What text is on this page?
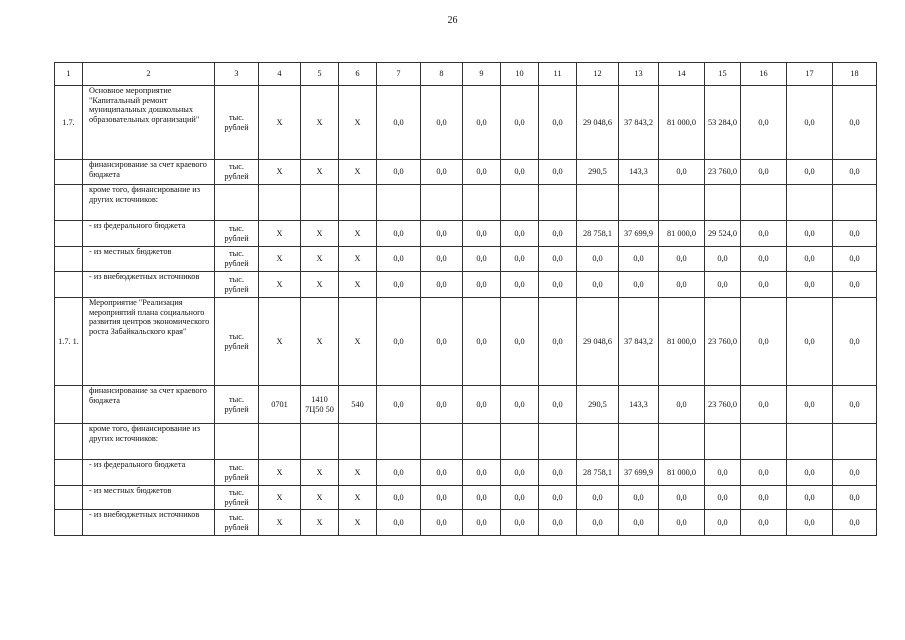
26
1	2	3	4	5	6	7	8	9	10	11	12	13	14	15	16	17	18
1.7.	Основное мероприятие "Капитальный ремонт муниципальных дошкольных образовательных организаций"	тыс. рублей	X	X	X	0,0	0,0	0,0	0,0	0,0	29 048,6	37 843,2	81 000,0	53 284,0	0,0	0,0	0,0
	финансирование за счет краевого бюджета	тыс. рублей	X	X	X	0,0	0,0	0,0	0,0	0,0	290,5	143,3	0,0	23 760,0	0,0	0,0	0,0
	кроме того, финансирование из других источников:																
	- из федерального бюджета	тыс. рублей	X	X	X	0,0	0,0	0,0	0,0	0,0	28 758,1	37 699,9	81 000,0	29 524,0	0,0	0,0	0,0
	- из местных бюджетов	тыс. рублей	X	X	X	0,0	0,0	0,0	0,0	0,0	0,0	0,0	0,0	0,0	0,0	0,0	0,0
	- из внебюджетных источников	тыс. рублей	X	X	X	0,0	0,0	0,0	0,0	0,0	0,0	0,0	0,0	0,0	0,0	0,0	0,0
1.7. 1.	Мероприятие "Реализация мероприятий плана социального развития центров экономического роста Забайкальского края"	тыс. рублей	X	X	X	0,0	0,0	0,0	0,0	0,0	29 048,6	37 843,2	81 000,0	23 760,0	0,0	0,0	0,0
	финансирование за счет краевого бюджета	тыс. рублей	0701	1410 7Ц50 50	540	0,0	0,0	0,0	0,0	0,0	290,5	143,3	0,0	23 760,0	0,0	0,0	0,0
	кроме того, финансирование из других источников:																
	- из федерального бюджета	тыс. рублей	X	X	X	0,0	0,0	0,0	0,0	0,0	28 758,1	37 699,9	81 000,0	0,0	0,0	0,0	0,0
	- из местных бюджетов	тыс. рублей	X	X	X	0,0	0,0	0,0	0,0	0,0	0,0	0,0	0,0	0,0	0,0	0,0	0,0
	- из внебюджетных источников	тыс. рублей	X	X	X	0,0	0,0	0,0	0,0	0,0	0,0	0,0	0,0	0,0	0,0	0,0	0,0
